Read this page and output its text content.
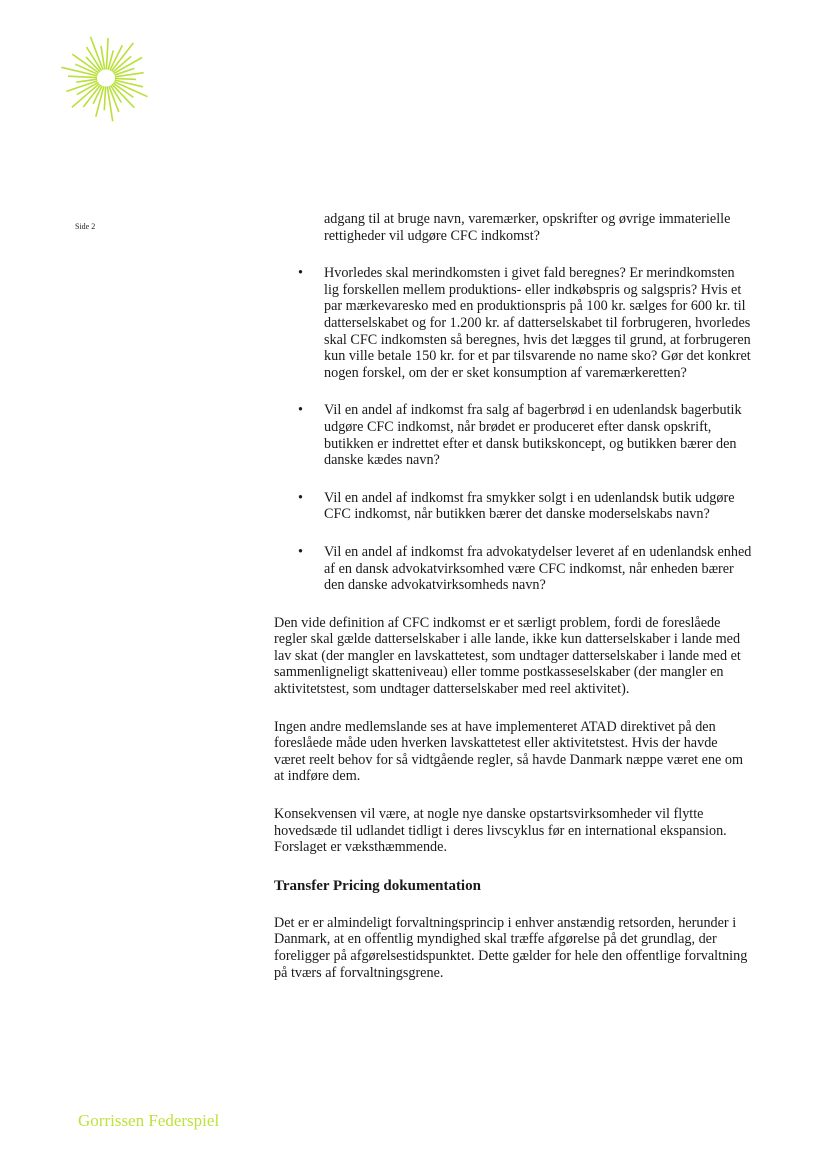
Side 2	adgang til at bruge navn, varemærker, opskrifter og øvrige immaterielle rettigheder vil udgøre CFC indkomst?

• Hvorledes skal merindkomsten i givet fald beregnes? Er merindkomsten lig forskellen mellem produktions- eller indkøbspris og salgspris? Hvis et par mærkevaresko med en produktionspris på 100 kr. sælges for 600 kr. til datterselskabet og for 1.200 kr. af datterselskabet til forbrugeren, hvorledes skal CFC indkomsten så beregnes, hvis det lægges til grund, at forbrugeren kun ville betale 150 kr. for et par tilsvarende no name sko? Gør det konkret nogen forskel, om der er sket konsumption af varemærkeretten?
• Vil en andel af indkomst fra salg af bagerbrød i en udenlandsk bagerbutik udgøre CFC indkomst, når brødet er produceret efter dansk opskrift, butikken er indrettet efter et dansk butikskoncept, og butikken bærer den danske kædes navn?
• Vil en andel af indkomst fra smykker solgt i en udenlandsk butik udgøre CFC indkomst, når butikken bærer det danske moderselskabs navn?
• Vil en andel af indkomst fra advokatydelser leveret af en udenlandsk enhed af en dansk advokatvirksomhed være CFC indkomst, når enheden bærer den danske advokatvirksomheds navn?

Den vide definition af CFC indkomst er et særligt problem, fordi de foreslåede regler skal gælde datterselskaber i alle lande, ikke kun datterselskaber i lande med lav skat (der mangler en lavskattetest, som undtager datterselskaber i lande med et sammenligneligt skatteniveau) eller tomme postkasseselskaber (der mangler en aktivitetstest, som undtager datterselskaber med reel aktivitet).

Ingen andre medlemslande ses at have implementeret ATAD direktivet på den foreslåede måde uden hverken lavskattetest eller aktivitetstest. Hvis der havde været reelt behov for så vidtgående regler, så havde Danmark næppe været ene om at indføre dem.

Konsekvensen vil være, at nogle nye danske opstartsvirksomheder vil flytte hovedsæde til udlandet tidligt i deres livscyklus før en international ekspansion. Forslaget er væksthæmmende.

Transfer Pricing dokumentation

Det er er almindeligt forvaltningsprincip i enhver anstændig retsorden, herunder i Danmark, at en offentlig myndighed skal træffe afgørelse på det grundlag, der foreligger på afgørelsestidspunktet. Dette gælder for hele den offentlige forvaltning på tværs af forvaltningsgrene.

Gorrissen Federspiel
